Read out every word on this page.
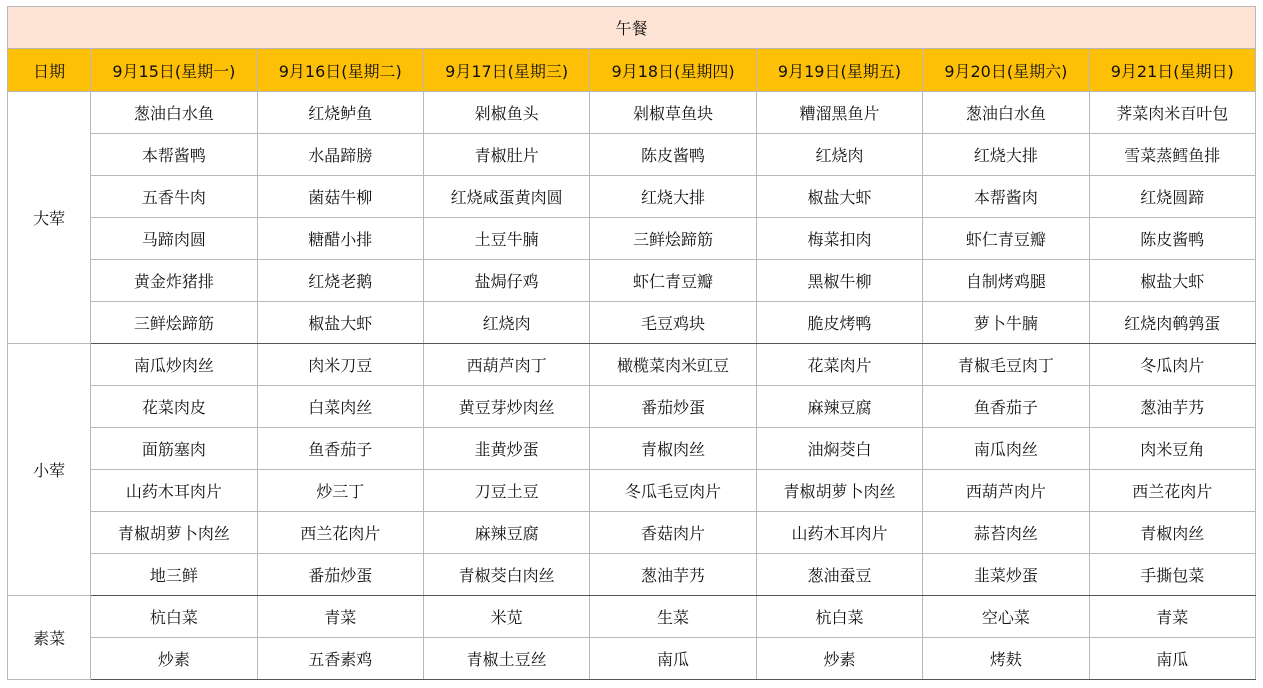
午餐							
日期	9月15日(星期一)	9月16日(星期二)	9月17日(星期三)	9月18日(星期四)	9月19日(星期五)	9月20日(星期六)	9月21日(星期日)
大荤	葱油白水鱼	红烧鲈鱼	剁椒鱼头	剁椒草鱼块	糟溜黑鱼片	葱油白水鱼	荠菜肉米百叶包
	本帮酱鸭	水晶蹄膀	青椒肚片	陈皮酱鸭	红烧肉	红烧大排	雪菜蒸鳕鱼排
	五香牛肉	菌菇牛柳	红烧咸蛋黄肉圆	红烧大排	椒盐大虾	本帮酱肉	红烧圆蹄
	马蹄肉圆	糖醋小排	土豆牛腩	三鲜烩蹄筋	梅菜扣肉	虾仁青豆瓣	陈皮酱鸭
	黄金炸猪排	红烧老鹅	盐焗仔鸡	虾仁青豆瓣	黑椒牛柳	自制烤鸡腿	椒盐大虾
	三鲜烩蹄筋	椒盐大虾	红烧肉	毛豆鸡块	脆皮烤鸭	萝卜牛腩	红烧肉鹌鹑蛋
小荤	南瓜炒肉丝	肉米刀豆	西葫芦肉丁	橄榄菜肉米豇豆	花菜肉片	青椒毛豆肉丁	冬瓜肉片
	花菜肉皮	白菜肉丝	黄豆芽炒肉丝	番茄炒蛋	麻辣豆腐	鱼香茄子	葱油芋艿
	面筋塞肉	鱼香茄子	韭黄炒蛋	青椒肉丝	油焖茭白	南瓜肉丝	肉米豆角
	山药木耳肉片	炒三丁	刀豆土豆	冬瓜毛豆肉片	青椒胡萝卜肉丝	西葫芦肉片	西兰花肉片
	青椒胡萝卜肉丝	西兰花肉片	麻辣豆腐	香菇肉片	山药木耳肉片	蒜苔肉丝	青椒肉丝
	地三鲜	番茄炒蛋	青椒茭白肉丝	葱油芋艿	葱油蚕豆	韭菜炒蛋	手撕包菜
素菜	杭白菜	青菜	米苋	生菜	杭白菜	空心菜	青菜
	炒素	五香素鸡	青椒土豆丝	南瓜	炒素	烤麸	南瓜
